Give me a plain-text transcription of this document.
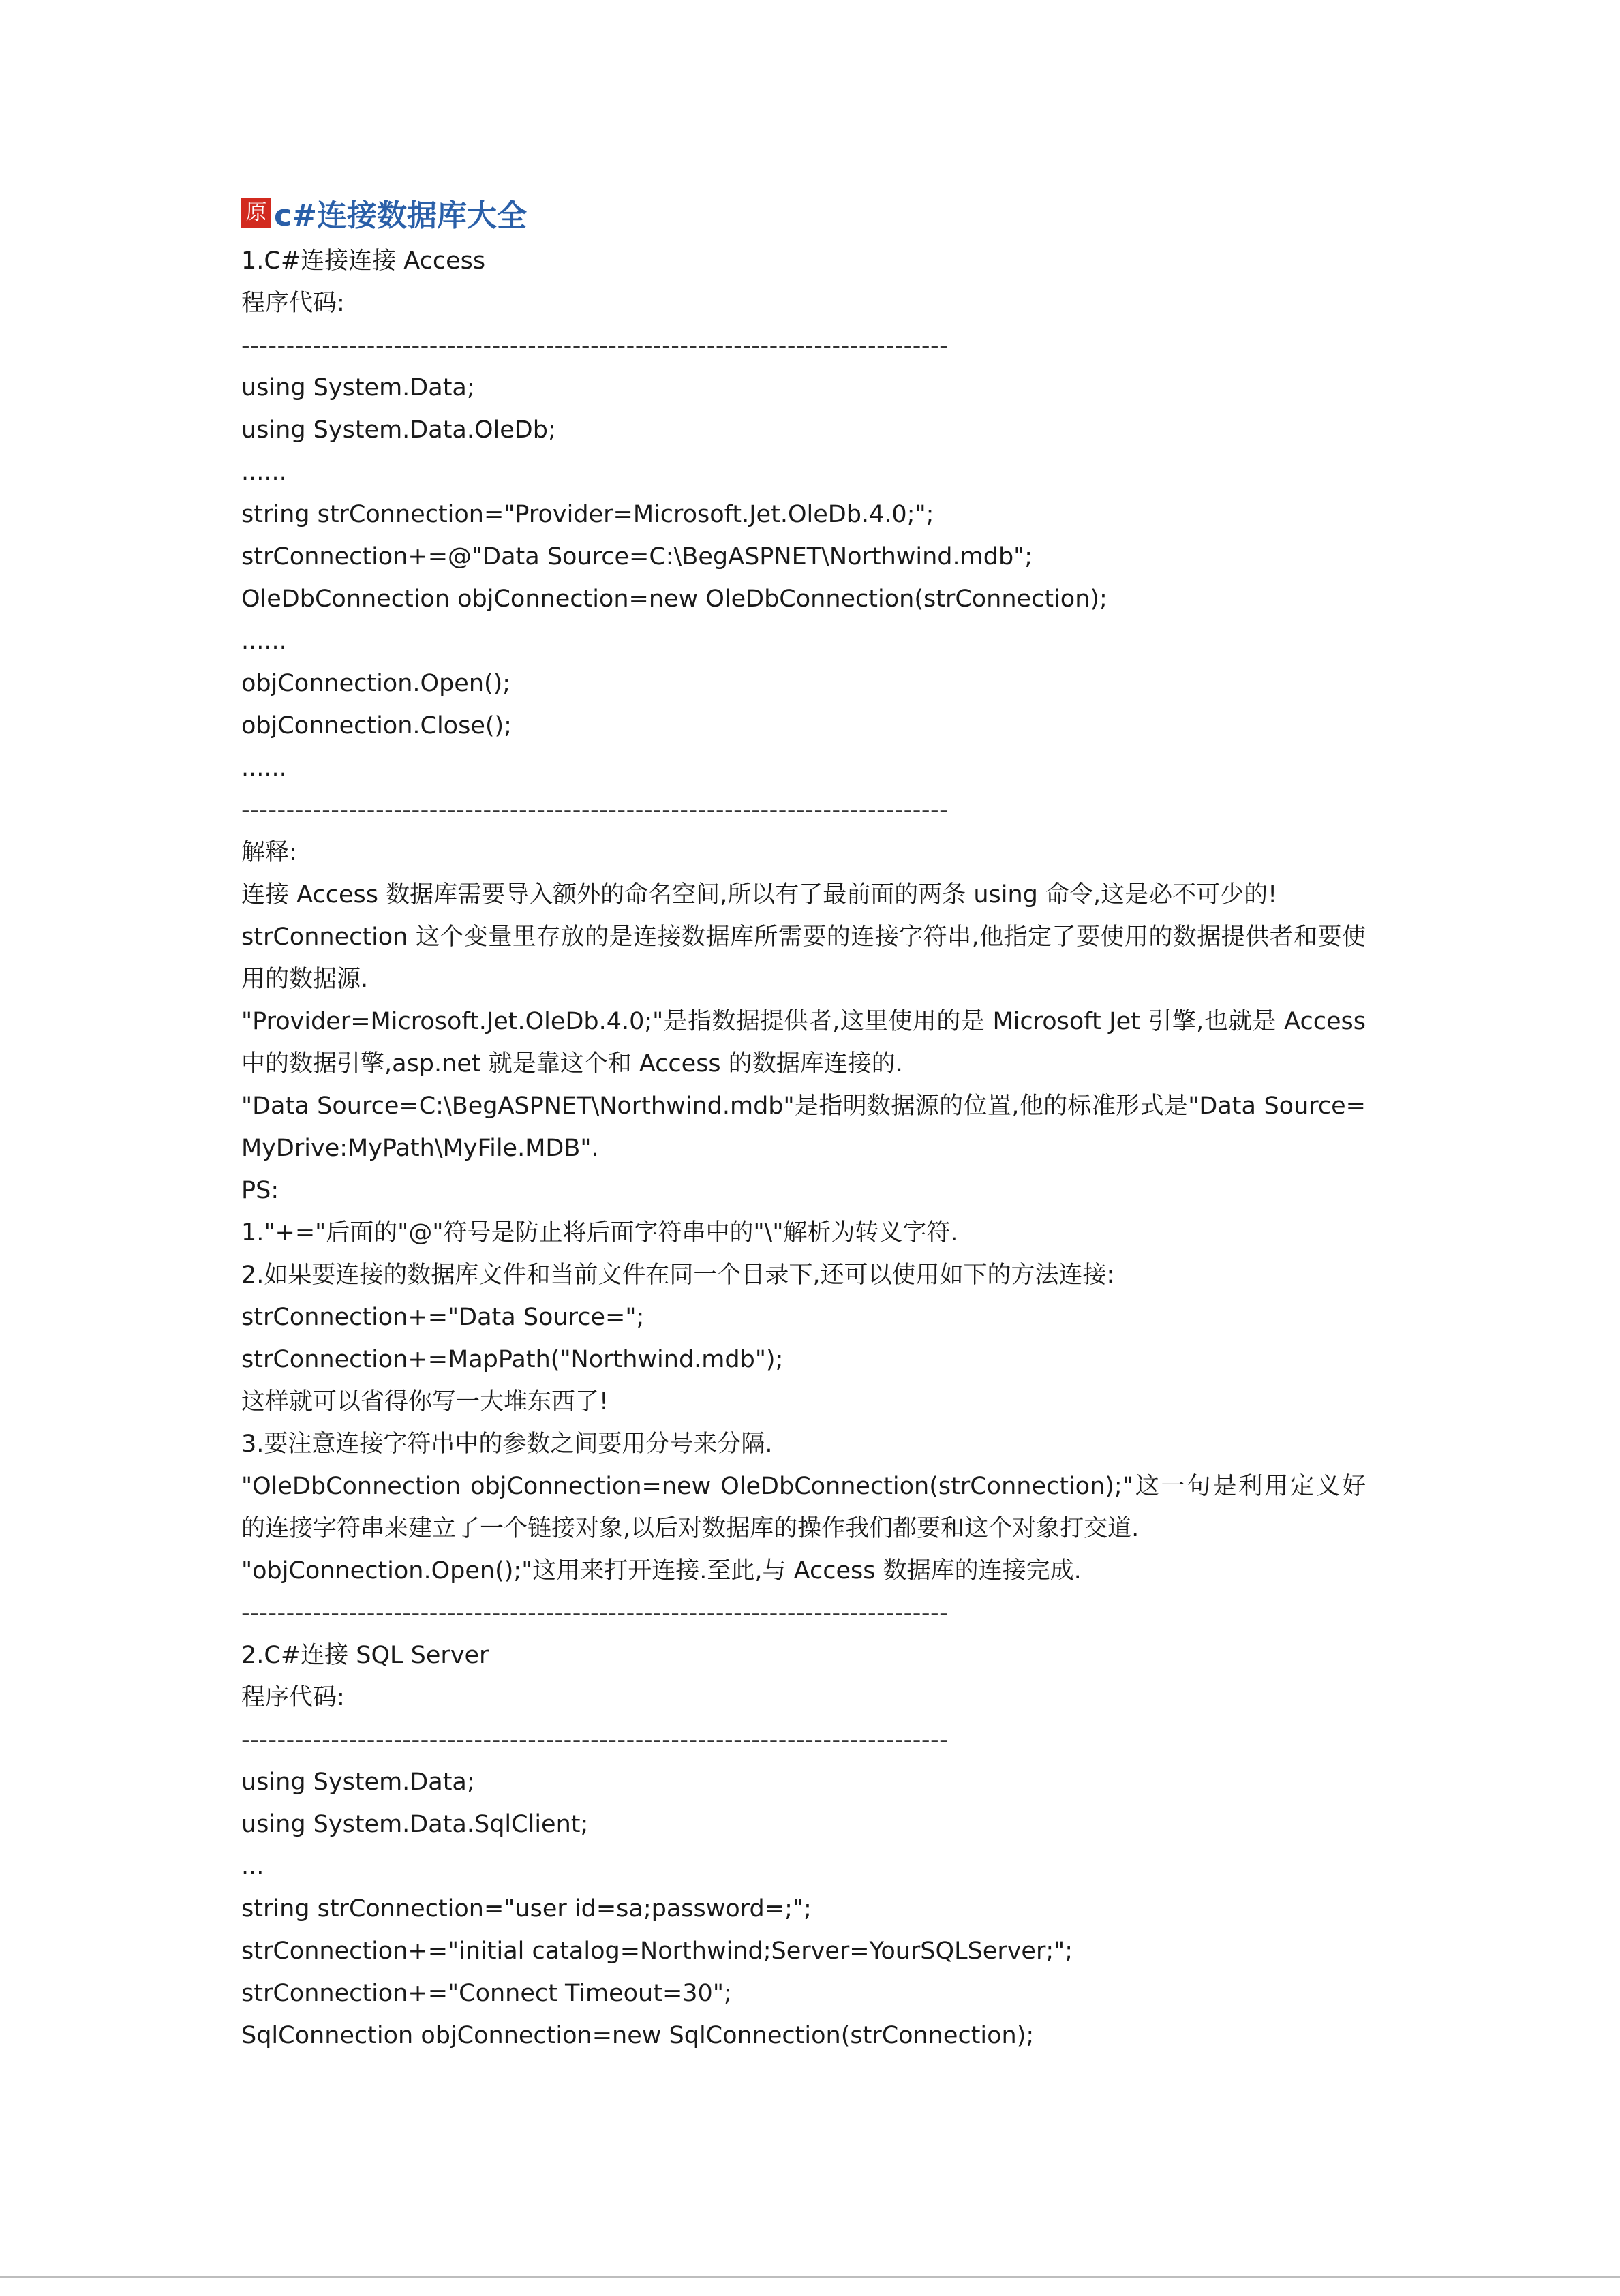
原 c#连接数据库大全
1.C#连接连接 Access
程序代码:
-------------------------------------------------------------------------------
using System.Data;
using System.Data.OleDb;
......
string strConnection="Provider=Microsoft.Jet.OleDb.4.0;";
strConnection+=@"Data Source=C:\BegASPNET\Northwind.mdb";
OleDbConnection objConnection=new OleDbConnection(strConnection);
......
objConnection.Open();
objConnection.Close();
......
-------------------------------------------------------------------------------
解释:
连接 Access 数据库需要导入额外的命名空间,所以有了最前面的两条 using 命令,这是必不可少的!
strConnection 这个变量里存放的是连接数据库所需要的连接字符串,他指定了要使用的数据提供者和要使用的数据源.
"Provider=Microsoft.Jet.OleDb.4.0;"是指数据提供者,这里使用的是 Microsoft Jet 引擎,也就是 Access 中的数据引擎,asp.net 就是靠这个和 Access 的数据库连接的.
"Data Source=C:\BegASPNET\Northwind.mdb"是指明数据源的位置,他的标准形式是"Data Source=MyDrive:MyPath\MyFile.MDB".
PS:
1."+="后面的"@"符号是防止将后面字符串中的"\"解析为转义字符.
2.如果要连接的数据库文件和当前文件在同一个目录下,还可以使用如下的方法连接:
strConnection+="Data Source=";
strConnection+=MapPath("Northwind.mdb");
这样就可以省得你写一大堆东西了!
3.要注意连接字符串中的参数之间要用分号来分隔.
"OleDbConnection objConnection=new OleDbConnection(strConnection);"这一句是利用定义好的连接字符串来建立了一个链接对象,以后对数据库的操作我们都要和这个对象打交道.
"objConnection.Open();"这用来打开连接.至此,与 Access 数据库的连接完成.
-------------------------------------------------------------------------------
2.C#连接 SQL Server
程序代码:
-------------------------------------------------------------------------------
using System.Data;
using System.Data.SqlClient;
...
string strConnection="user id=sa;password=;";
strConnection+="initial catalog=Northwind;Server=YourSQLServer;";
strConnection+="Connect Timeout=30";
SqlConnection objConnection=new SqlConnection(strConnection);
